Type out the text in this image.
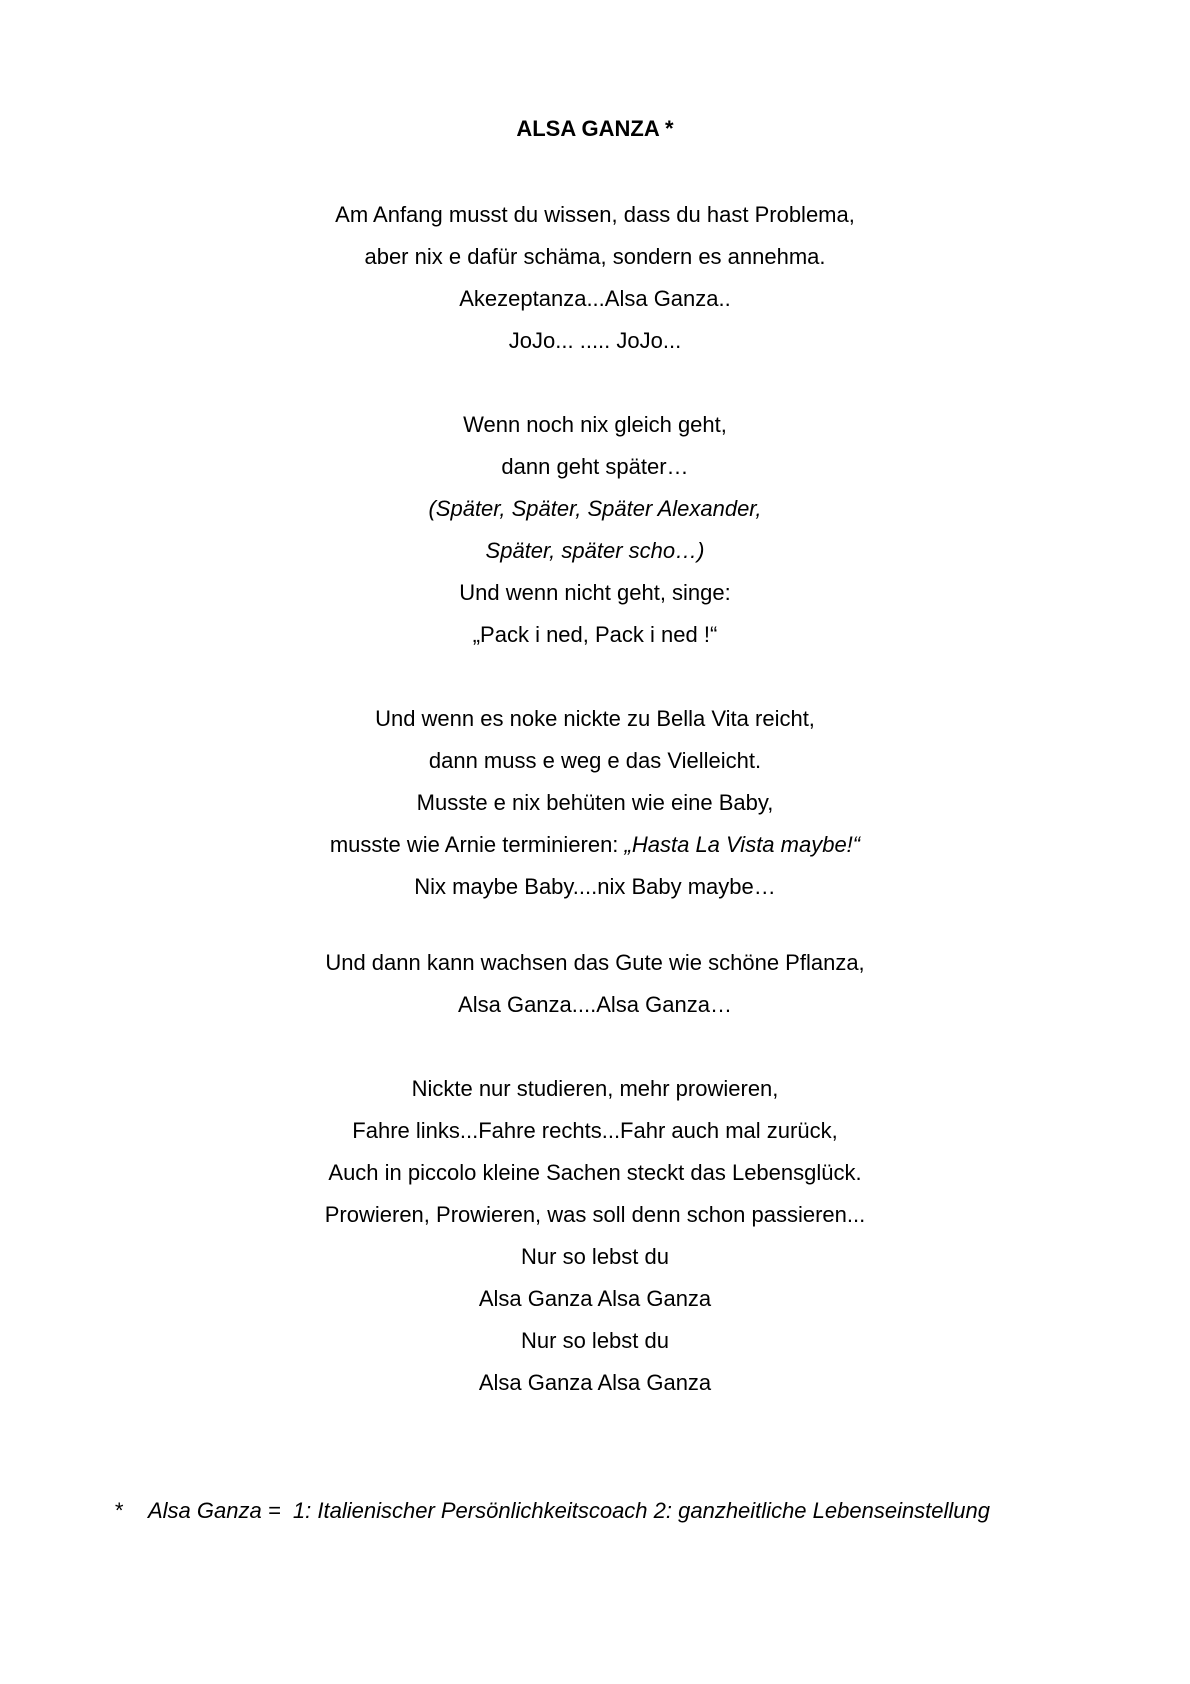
ALSA GANZA *
Am Anfang musst du wissen, dass du hast Problema,
aber nix e dafür schäma, sondern es annehma.
Akezeptanza...Alsa Ganza..
JoJo... ..... JoJo...
Wenn noch nix gleich geht,
dann geht später…
(Später, Später, Später Alexander,
Später, später scho…)
Und wenn nicht geht, singe:
„Pack i ned, Pack i ned !“
Und wenn es noke nickte zu Bella Vita reicht,
dann muss e weg e das Vielleicht.
Musste e nix behüten wie eine Baby,
musste wie Arnie terminieren: „Hasta La Vista maybe!“
Nix maybe Baby....nix Baby maybe…
Und dann kann wachsen das Gute wie schöne Pflanza,
Alsa Ganza....Alsa Ganza…
Nickte nur studieren, mehr prowieren,
Fahre links...Fahre rechts...Fahr auch mal zurück,
Auch in piccolo kleine Sachen steckt das Lebensglück.
Prowieren, Prowieren, was soll denn schon passieren...
Nur so lebst du
Alsa Ganza Alsa Ganza
Nur so lebst du
Alsa Ganza Alsa Ganza
* Alsa Ganza = 1: Italienischer Persönlichkeitscoach 2: ganzheitliche Lebenseinstellung
